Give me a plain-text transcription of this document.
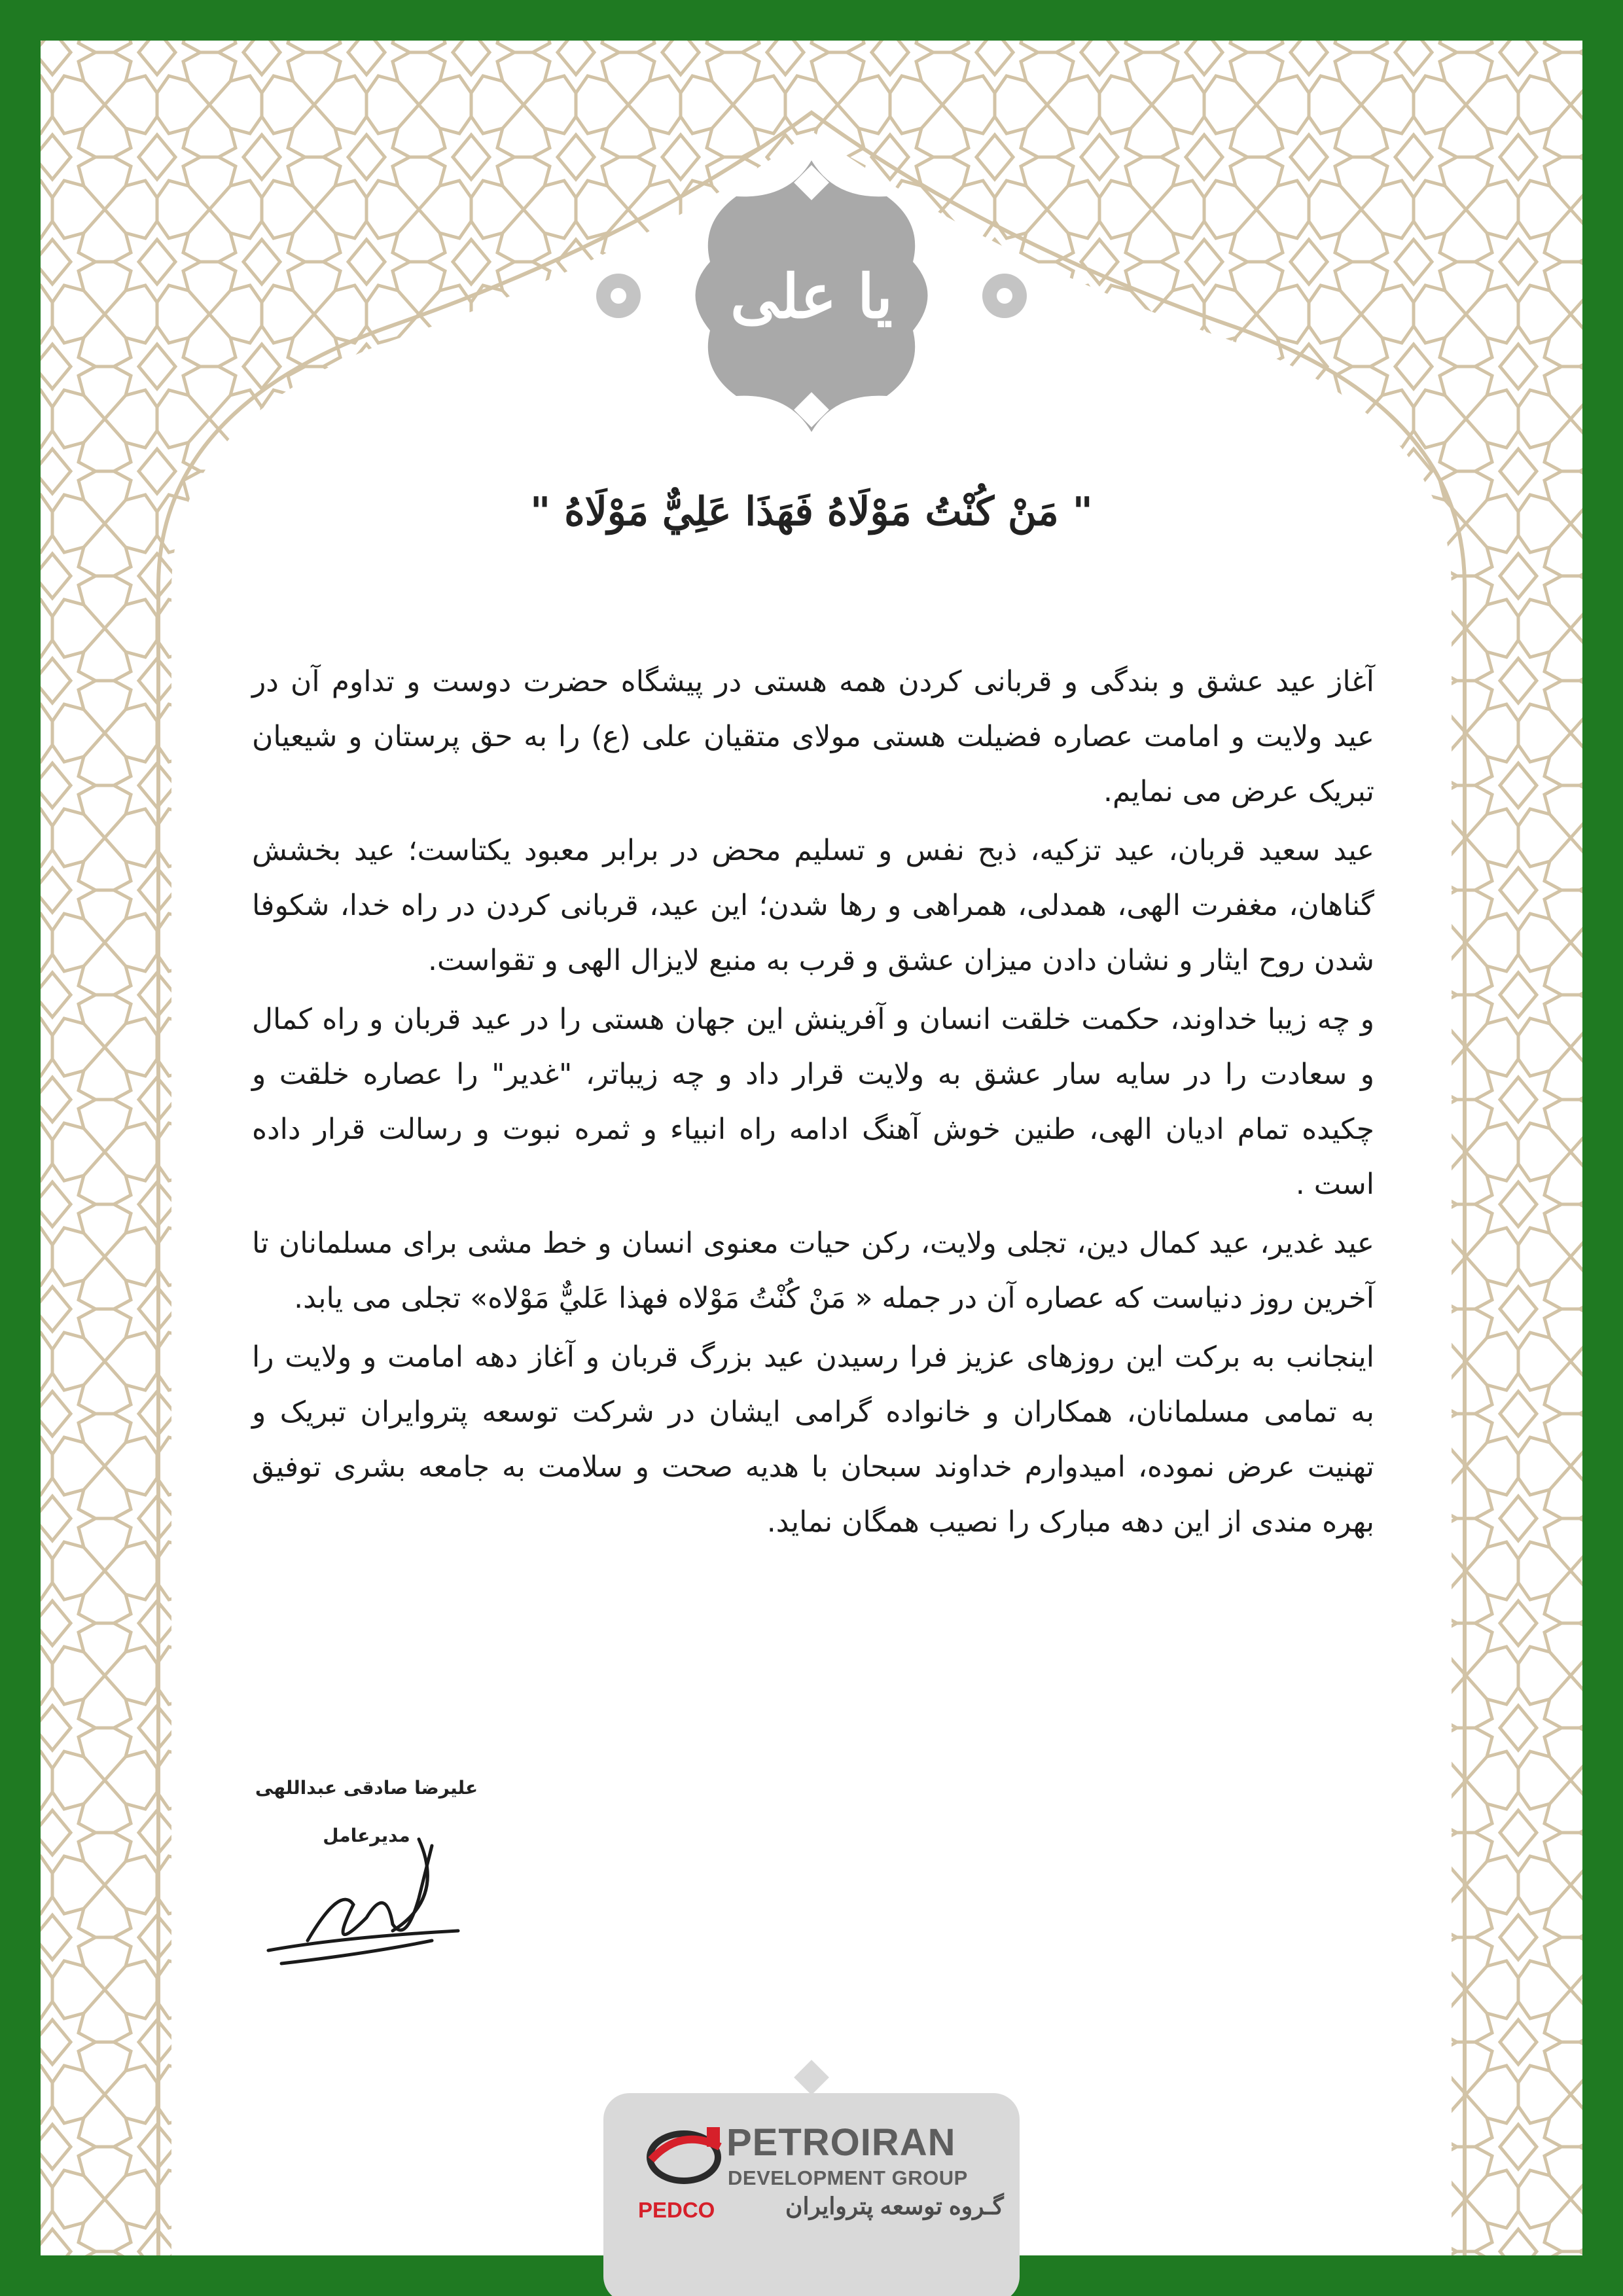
یا علی
" مَنْ كُنْتُ مَوْلَاهُ فَهَذَا عَلِيٌّ مَوْلَاهُ "

آغاز عید عشق و بندگی و قربانی کردن همه هستی در پیشگاه حضرت دوست و تداوم آن در عید ولایت و امامت عصاره فضیلت هستی مولای متقیان علی (ع) را به حق پرستان و شیعیان تبریک عرض می نمایم.

عید سعید قربان، عید تزکیه، ذبح نفس و تسلیم محض در برابر معبود یکتاست؛ عید بخشش گناهان، مغفرت الهی، همدلی، همراهی و رها شدن؛ این عید، قربانی کردن در راه خدا، شکوفا شدن روح ایثار و نشان دادن میزان عشق و قرب به منبع لایزال الهی و تقواست.

و چه زیبا خداوند، حکمت خلقت انسان و آفرینش این جهان هستی را در عید قربان و راه کمال و سعادت را در سایه سار عشق به ولایت قرار داد و چه زیباتر، "غدیر" را عصاره خلقت و چکیده تمام ادیان الهی، طنین خوش آهنگ ادامه راه انبیاء و ثمره نبوت و رسالت قرار داده است .

عید غدیر، عید کمال دین، تجلی ولایت، رکن حیات معنوی انسان و خط مشی برای مسلمانان تا آخرین روز دنیاست که عصاره آن در جمله « مَنْ كُنْتُ مَوْلاه فهذا عَليٌّ مَوْلاه» تجلی می یابد.

اینجانب به برکت این روزهای عزیز فرا رسیدن عید بزرگ قربان و آغاز دهه امامت و ولایت را به تمامی مسلمانان، همکاران و خانواده گرامی ایشان در شرکت توسعه پتروایران تبریک و تهنیت عرض نموده، امیدوارم خداوند سبحان با هدیه صحت و سلامت به جامعه بشری توفیق بهره مندی از این دهه مبارک را نصیب همگان نماید.

علیرضا صادقی عبداللهی
مدیرعامل
PETROIRAN
DEVELOPMENT GROUP
گـروه توسعه پتروایران
PEDCO
